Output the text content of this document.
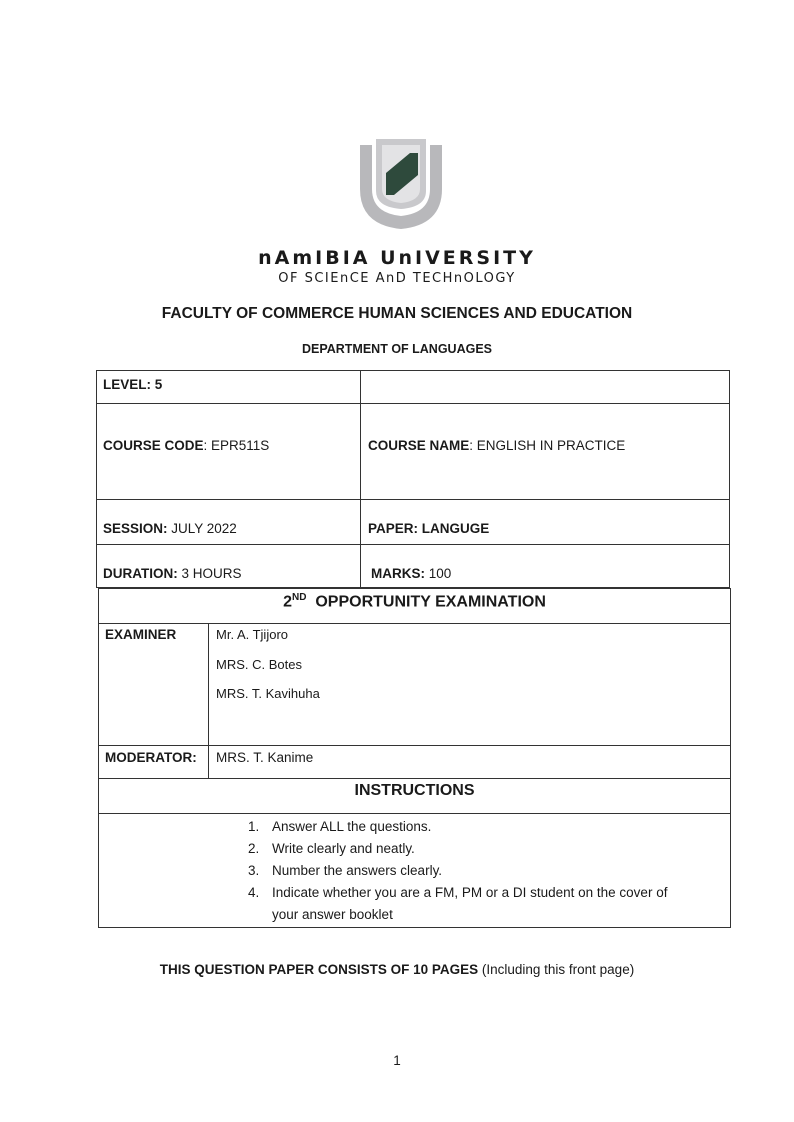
nAmIBIA UnIVERSITY
OF SCIEnCE AnD TECHnOLOGY
FACULTY OF COMMERCE HUMAN SCIENCES AND EDUCATION
DEPARTMENT OF LANGUAGES
LEVEL: 5
COURSE CODE: EPR511S	COURSE NAME: ENGLISH IN PRACTICE
SESSION: JULY 2022	PAPER: LANGUGE
DURATION: 3 HOURS	MARKS: 100
2ND  OPPORTUNITY EXAMINATION
EXAMINER	Mr. A. Tjijoro
MRS. C. Botes
MRS. T. Kavihuha
MODERATOR: MRS. T. Kanime
INSTRUCTIONS
1. Answer ALL the questions.
2. Write clearly and neatly.
3. Number the answers clearly.
4. Indicate whether you are a FM, PM or a DI student on the cover of
your answer booklet
THIS QUESTION PAPER CONSISTS OF 10 PAGES (Including this front page)
1
